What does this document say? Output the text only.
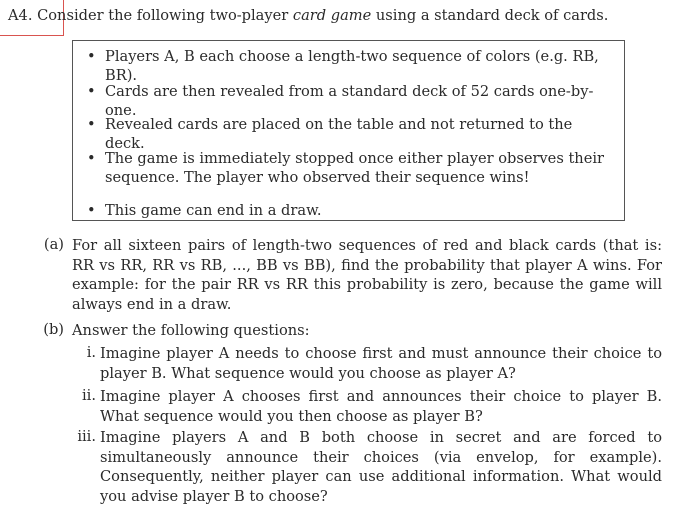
A4. Consider the following two-player card game using a standard deck of cards.
• Players A, B each choose a length-two sequence of colors (e.g. RB, BR).
• Cards are then revealed from a standard deck of 52 cards one-by-one.
• Revealed cards are placed on the table and not returned to the deck.
• The game is immediately stopped once either player observes their sequence. The player who observed their sequence wins!
• This game can end in a draw.
(a) For all sixteen pairs of length-two sequences of red and black cards (that is: RR vs RR, RR vs RB, ..., BB vs BB), find the probability that player A wins. For example: for the pair RR vs RR this probability is zero, because the game will always end in a draw.
(b) Answer the following questions:
i. Imagine player A needs to choose first and must announce their choice to player B. What sequence would you choose as player A?
ii. Imagine player A chooses first and announces their choice to player B. What sequence would you then choose as player B?
iii. Imagine players A and B both choose in secret and are forced to simultaneously announce their choices (via envelop, for example). Consequently, neither player can use additional information. What would you advise player B to choose?
